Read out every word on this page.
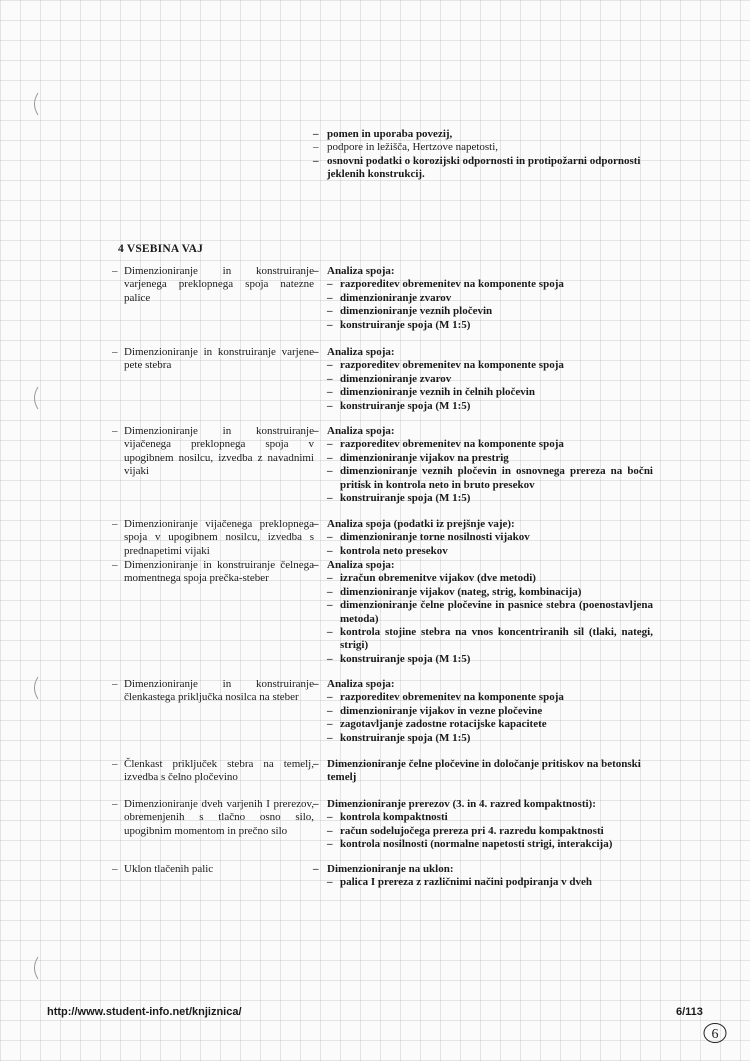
– pomen in uporaba povezij,
– podpore in ležišča, Hertzove napetosti,
– osnovni podatki o korozijski odpornosti in protipožarni odpornosti jeklenih konstrukcij.
4 VSEBINA VAJ
– Dimenzioniranje in konstruiranje varjenega preklopnega spoja natezne palice
– Analiza spoja:
– razporeditev obremenitev na komponente spoja
– dimenzioniranje zvarov
– dimenzioniranje veznih pločevin
– konstruiranje spoja (M 1:5)
– Dimenzioniranje in konstruiranje varjene pete stebra
– Analiza spoja:
– razporeditev obremenitev na komponente spoja
– dimenzioniranje zvarov
– dimenzioniranje veznih in čelnih pločevin
– konstruiranje spoja (M 1:5)
– Dimenzioniranje in konstruiranje vijačenega preklopnega spoja v upogibnem nosilcu, izvedba z navadnimi vijaki
– Analiza spoja:
– razporeditev obremenitev na komponente spoja
– dimenzioniranje vijakov na prestrig
– dimenzioniranje veznih pločevin in osnovnega prereza na bočni pritisk in kontrola neto in bruto presekov
– konstruiranje spoja (M 1:5)
– Dimenzioniranje vijačenega preklopnega spoja v upogibnem nosilcu, izvedba s prednapetimi vijaki
– Analiza spoja (podatki iz prejšnje vaje):
– dimenzioniranje torne nosilnosti vijakov
– kontrola neto presekov
– Dimenzioniranje in konstruiranje čelnega momentnega spoja prečka-steber
– Analiza spoja:
– izračun obremenitve vijakov (dve metodi)
– dimenzioniranje vijakov (nateg, strig, kombinacija)
– dimenzioniranje čelne pločevine in pasnice stebra (poenostavljena metoda)
– kontrola stojine stebra na vnos koncentriranih sil (tlaki, nategi, strigi)
– konstruiranje spoja (M 1:5)
– Dimenzioniranje in konstruiranje členkastega priključka nosilca na steber
– Analiza spoja:
– razporeditev obremenitev na komponente spoja
– dimenzioniranje vijakov in vezne pločevine
– zagotavljanje zadostne rotacijske kapacitete
– konstruiranje spoja (M 1:5)
– Členkast priključek stebra na temelj, izvedba s čelno pločevino
– Dimenzioniranje čelne pločevine in določanje pritiskov na betonski temelj
– Dimenzioniranje dveh varjenih I prerezov, obremenjenih s tlačno osno silo, upogibnim momentom in prečno silo
– Dimenzioniranje prerezov (3. in 4. razred kompaktnosti):
– kontrola kompaktnosti
– račun sodelujočega prereza pri 4. razredu kompaktnosti
– kontrola nosilnosti (normalne napetosti strigi, interakcija)
– Uklon tlačenih palic	– Dimenzioniranje na uklon:
– palica I prereza z različnimi načini podpiranja v dveh
http://www.student-info.net/knjiznica/	6/113
6
